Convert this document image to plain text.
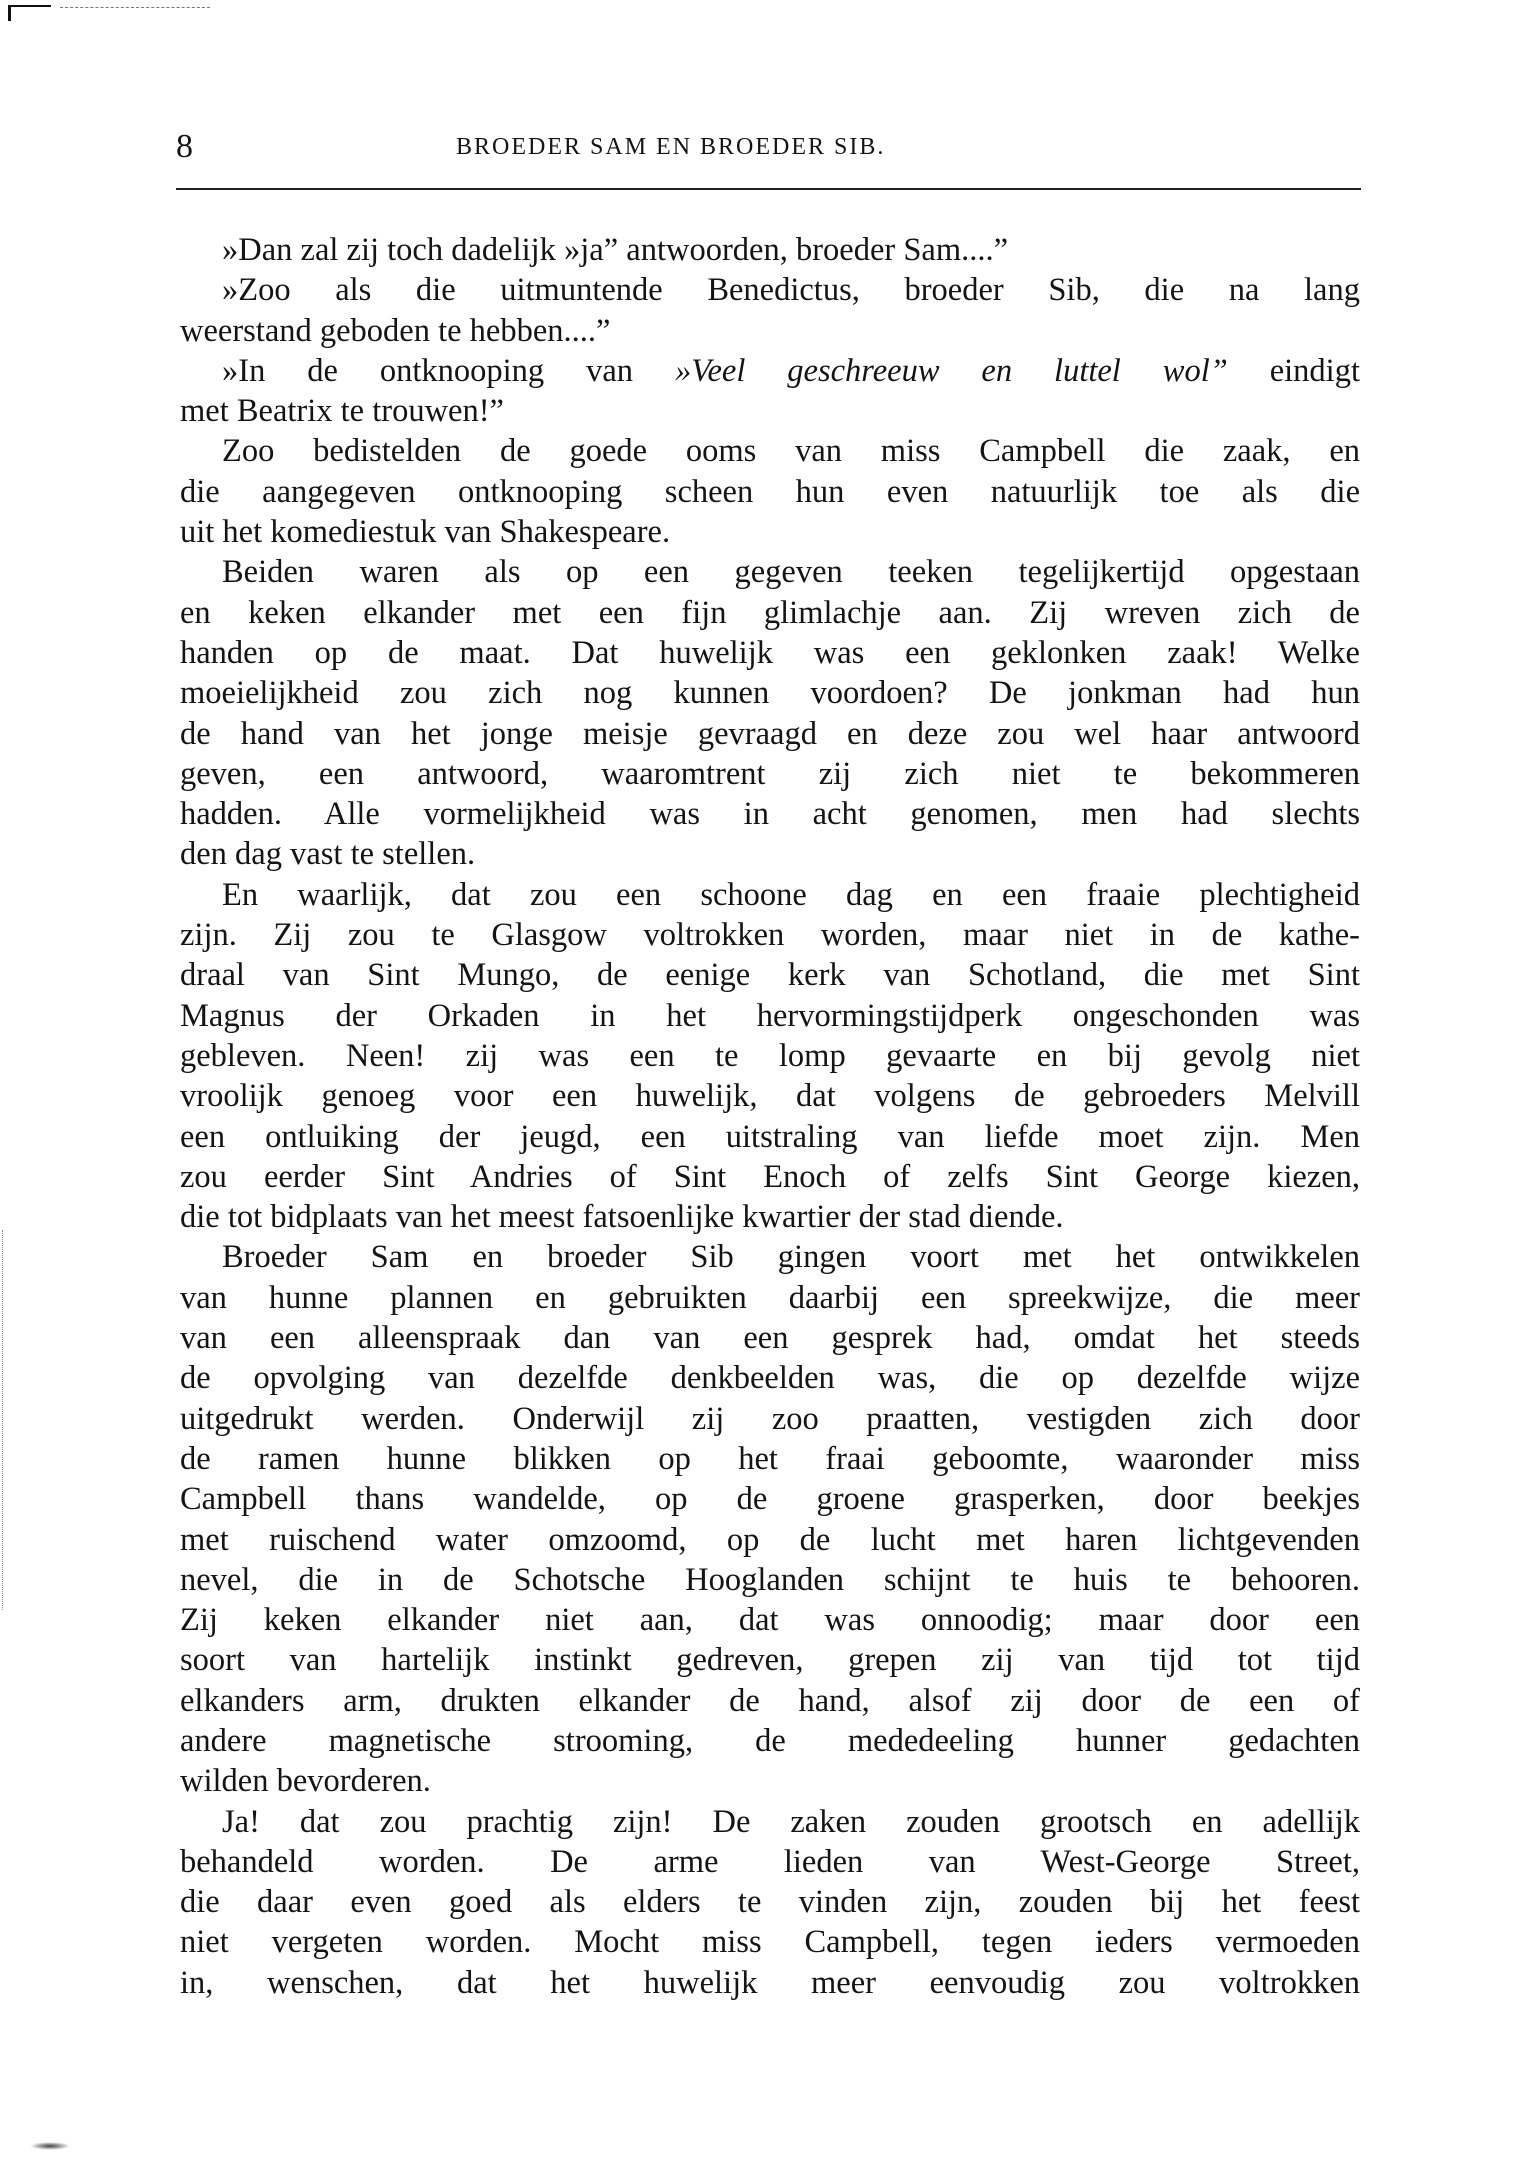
8	BROEDER SAM EN BROEDER SIB.
»Dan zal zij toch dadelijk »ja” antwoorden, broeder Sam....”
»Zoo als die uitmuntende Benedictus, broeder Sib, die na lang
weerstand geboden te hebben....”
»In de ontknooping van »Veel geschreeuw en luttel wol” eindigt
met Beatrix te trouwen!”
Zoo bedistelden de goede ooms van miss Campbell die zaak, en
die aangegeven ontknooping scheen hun even natuurlijk toe als die
uit het komediestuk van Shakespeare.
Beiden waren als op een gegeven teeken tegelijkertijd opgestaan
en keken elkander met een fijn glimlachje aan. Zij wreven zich de
handen op de maat. Dat huwelijk was een geklonken zaak! Welke
moeielijkheid zou zich nog kunnen voordoen? De jonkman had hun
de hand van het jonge meisje gevraagd en deze zou wel haar antwoord
geven, een antwoord, waaromtrent zij zich niet te bekommeren
hadden. Alle vormelijkheid was in acht genomen, men had slechts
den dag vast te stellen.
En waarlijk, dat zou een schoone dag en een fraaie plechtigheid
zijn. Zij zou te Glasgow voltrokken worden, maar niet in de kathe-
draal van Sint Mungo, de eenige kerk van Schotland, die met Sint
Magnus der Orkaden in het hervormingstijdperk ongeschonden was
gebleven. Neen! zij was een te lomp gevaarte en bij gevolg niet
vroolijk genoeg voor een huwelijk, dat volgens de gebroeders Melvill
een ontluiking der jeugd, een uitstraling van liefde moet zijn. Men
zou eerder Sint Andries of Sint Enoch of zelfs Sint George kiezen,
die tot bidplaats van het meest fatsoenlijke kwartier der stad diende.
Broeder Sam en broeder Sib gingen voort met het ontwikkelen
van hunne plannen en gebruikten daarbij een spreekwijze, die meer
van een alleenspraak dan van een gesprek had, omdat het steeds
de opvolging van dezelfde denkbeelden was, die op dezelfde wijze
uitgedrukt werden. Onderwijl zij zoo praatten, vestigden zich door
de ramen hunne blikken op het fraai geboomte, waaronder miss
Campbell thans wandelde, op de groene grasperken, door beekjes
met ruischend water omzoomd, op de lucht met haren lichtgevenden
nevel, die in de Schotsche Hooglanden schijnt te huis te behooren.
Zij keken elkander niet aan, dat was onnoodig; maar door een
soort van hartelijk instinkt gedreven, grepen zij van tijd tot tijd
elkanders arm, drukten elkander de hand, alsof zij door de een of
andere magnetische strooming, de mededeeling hunner gedachten
wilden bevorderen.
Ja! dat zou prachtig zijn! De zaken zouden grootsch en adellijk
behandeld worden. De arme lieden van West-George Street,
die daar even goed als elders te vinden zijn, zouden bij het feest
niet vergeten worden. Mocht miss Campbell, tegen ieders vermoeden
in, wenschen, dat het huwelijk meer eenvoudig zou voltrokken
